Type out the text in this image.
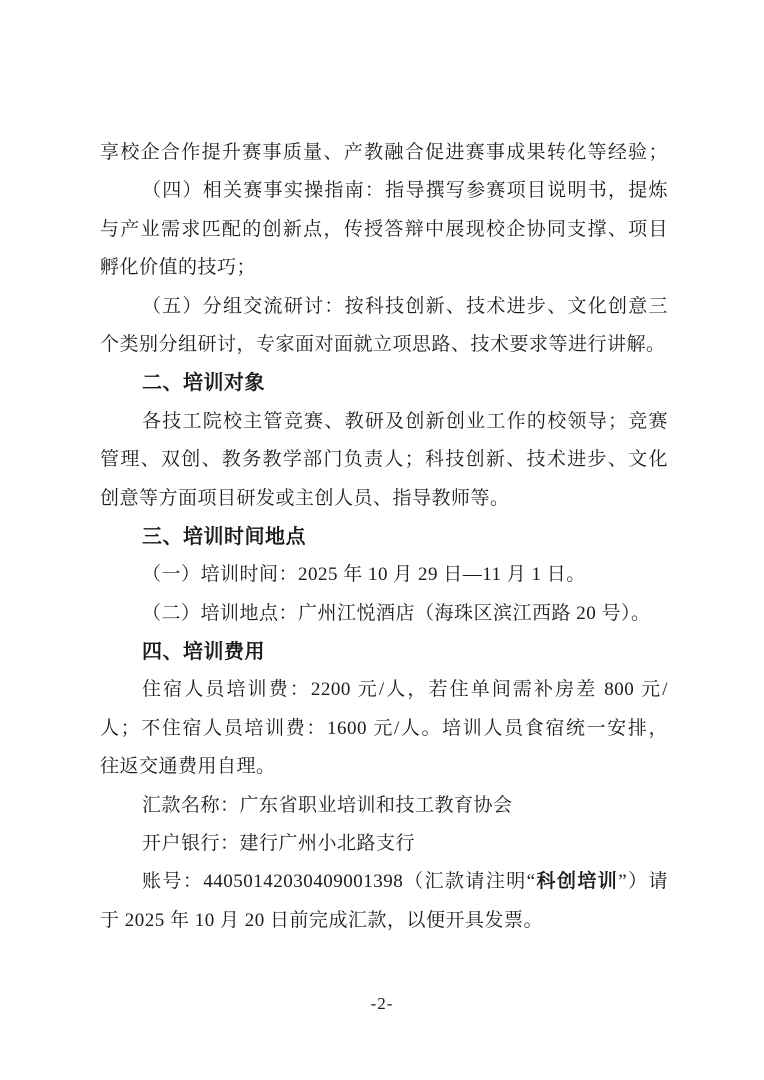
享校企合作提升赛事质量、产教融合促进赛事成果转化等经验；
（四）相关赛事实操指南：指导撰写参赛项目说明书，提炼
与产业需求匹配的创新点，传授答辩中展现校企协同支撑、项目
孵化价值的技巧；
（五）分组交流研讨：按科技创新、技术进步、文化创意三
个类别分组研讨，专家面对面就立项思路、技术要求等进行讲解。
二、培训对象
各技工院校主管竞赛、教研及创新创业工作的校领导；竞赛
管理、双创、教务教学部门负责人；科技创新、技术进步、文化
创意等方面项目研发或主创人员、指导教师等。
三、培训时间地点
（一）培训时间：2025 年 10 月 29 日—11 月 1 日。
（二）培训地点：广州江悦酒店（海珠区滨江西路 20 号）。
四、培训费用
住宿人员培训费：2200 元/人，若住单间需补房差 800 元/
人；不住宿人员培训费：1600 元/人。培训人员食宿统一安排，
往返交通费用自理。
汇款名称：广东省职业培训和技工教育协会
开户银行：建行广州小北路支行
账号：44050142030409001398（汇款请注明“科创培训”）请
于 2025 年 10 月 20 日前完成汇款，以便开具发票。
-2-
